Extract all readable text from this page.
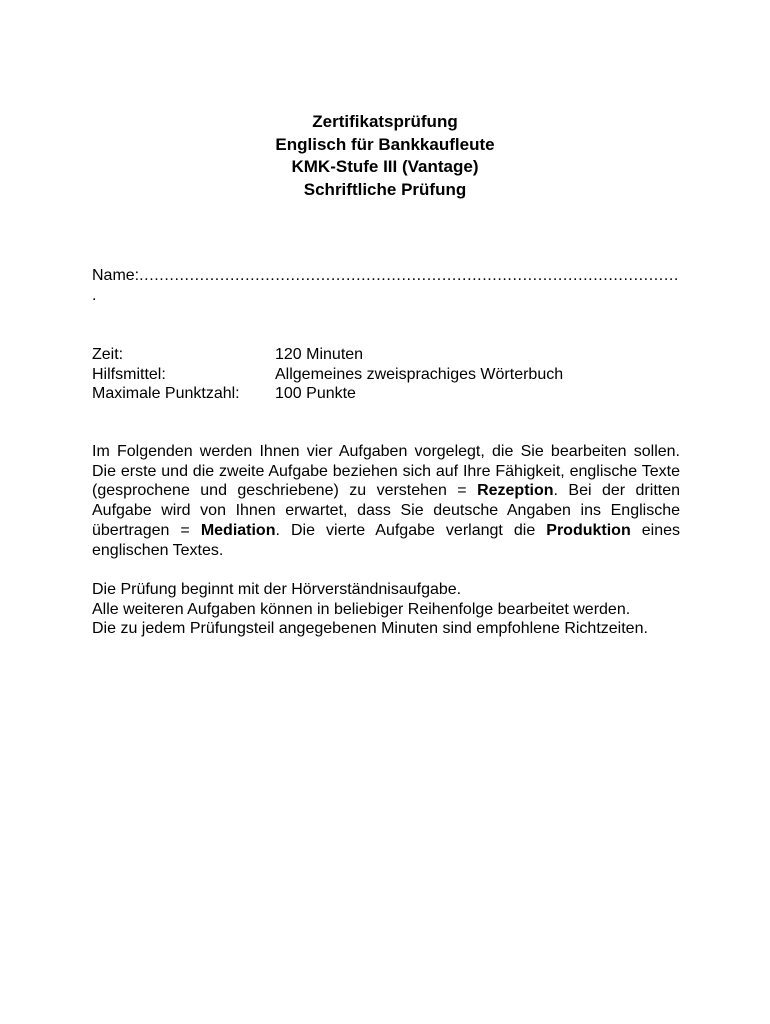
Zertifikatsprüfung
Englisch für Bankkaufleute
KMK-Stufe III (Vantage)
Schriftliche Prüfung
Name:...........................................................................................................
.
Zeit:	120 Minuten
Hilfsmittel:	Allgemeines zweisprachiges Wörterbuch
Maximale Punktzahl:	100 Punkte
Im Folgenden werden Ihnen vier Aufgaben vorgelegt, die Sie bearbeiten sollen. Die erste und die zweite Aufgabe beziehen sich auf Ihre Fähigkeit, englische Texte (gesprochene und geschriebene) zu verstehen = Rezeption. Bei der dritten Aufgabe wird von Ihnen erwartet, dass Sie deutsche Angaben ins Englische übertragen = Mediation. Die vierte Aufgabe verlangt die Produktion eines englischen Textes.
Die Prüfung beginnt mit der Hörverständnisaufgabe.
Alle weiteren Aufgaben können in beliebiger Reihenfolge bearbeitet werden.
Die zu jedem Prüfungsteil angegebenen Minuten sind empfohlene Richtzeiten.
